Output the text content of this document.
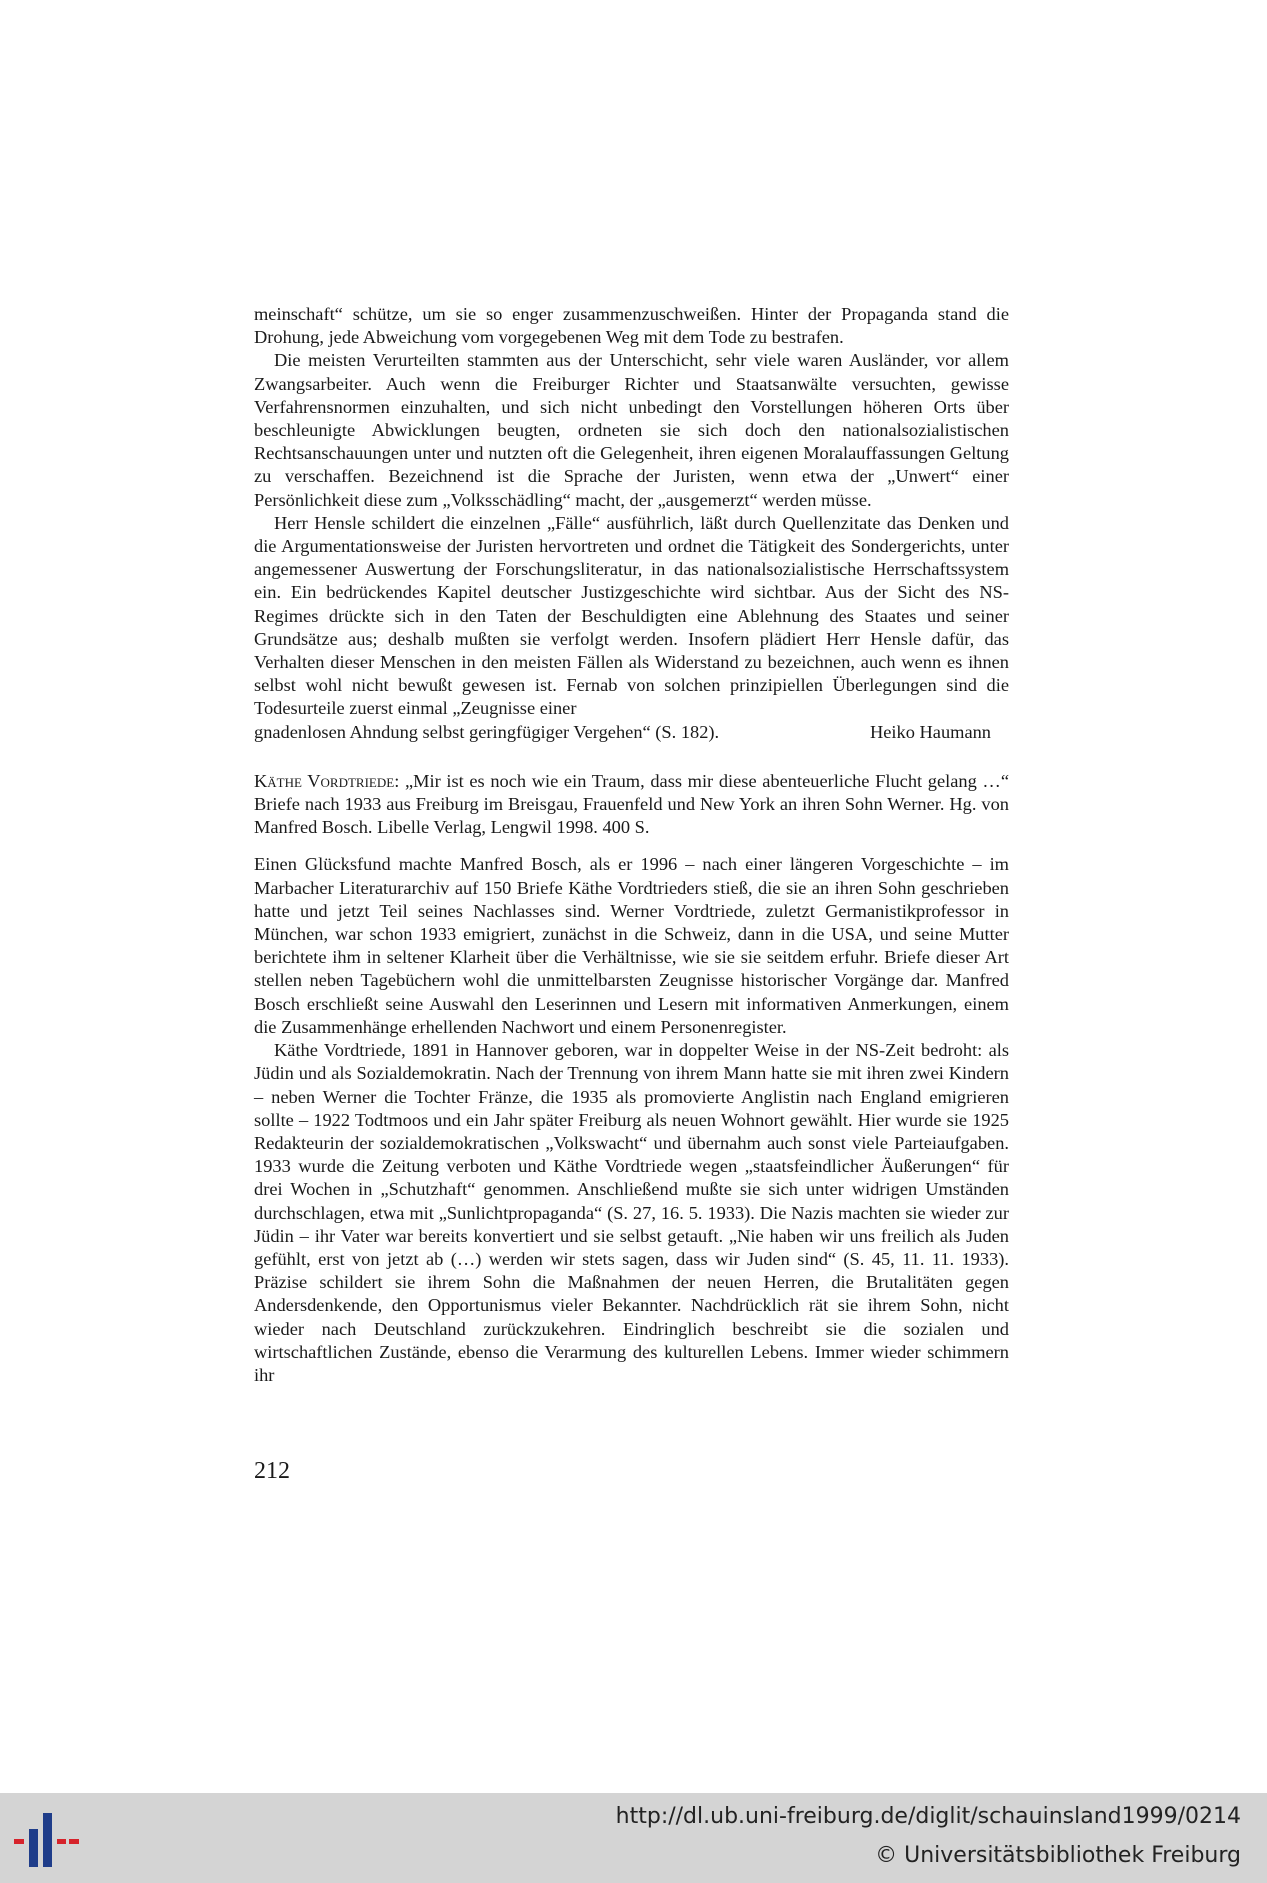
meinschaft“ schütze, um sie so enger zusammenzuschweißen. Hinter der Propaganda stand die Drohung, jede Abweichung vom vorgegebenen Weg mit dem Tode zu bestrafen.

Die meisten Verurteilten stammten aus der Unterschicht, sehr viele waren Ausländer, vor allem Zwangsarbeiter. Auch wenn die Freiburger Richter und Staatsanwälte versuchten, gewisse Verfahrensnormen einzuhalten, und sich nicht unbedingt den Vorstellungen höheren Orts über beschleunigte Abwicklungen beugten, ordneten sie sich doch den nationalsozialistischen Rechtsanschauungen unter und nutzten oft die Gelegenheit, ihren eigenen Moralauffassungen Geltung zu verschaffen. Bezeichnend ist die Sprache der Juristen, wenn etwa der „Unwert“ einer Persönlichkeit diese zum „Volksschädling“ macht, der „ausgemerzt“ werden müsse.

Herr Hensle schildert die einzelnen „Fälle“ ausführlich, läßt durch Quellenzitate das Denken und die Argumentationsweise der Juristen hervortreten und ordnet die Tätigkeit des Sondergerichts, unter angemessener Auswertung der Forschungsliteratur, in das nationalsozialistische Herrschaftssystem ein. Ein bedrückendes Kapitel deutscher Justizgeschichte wird sichtbar. Aus der Sicht des NS-Regimes drückte sich in den Taten der Beschuldigten eine Ablehnung des Staates und seiner Grundsätze aus; deshalb mußten sie verfolgt werden. Insofern plädiert Herr Hensle dafür, das Verhalten dieser Menschen in den meisten Fällen als Widerstand zu bezeichnen, auch wenn es ihnen selbst wohl nicht bewußt gewesen ist. Fernab von solchen prinzipiellen Überlegungen sind die Todesurteile zuerst einmal „Zeugnisse einer

gnadenlosen Ahndung selbst geringfügiger Vergehen“ (S. 182).	Heiko Haumann

Käthe Vordtriede: „Mir ist es noch wie ein Traum, dass mir diese abenteuerliche Flucht gelang …“ Briefe nach 1933 aus Freiburg im Breisgau, Frauenfeld und New York an ihren Sohn Werner. Hg. von Manfred Bosch. Libelle Verlag, Lengwil 1998. 400 S.

Einen Glücksfund machte Manfred Bosch, als er 1996 – nach einer längeren Vorgeschichte – im Marbacher Literaturarchiv auf 150 Briefe Käthe Vordtrieders stieß, die sie an ihren Sohn geschrieben hatte und jetzt Teil seines Nachlasses sind. Werner Vordtriede, zuletzt Germanistikprofessor in München, war schon 1933 emigriert, zunächst in die Schweiz, dann in die USA, und seine Mutter berichtete ihm in seltener Klarheit über die Verhältnisse, wie sie sie seitdem erfuhr. Briefe dieser Art stellen neben Tagebüchern wohl die unmittelbarsten Zeugnisse historischer Vorgänge dar. Manfred Bosch erschließt seine Auswahl den Leserinnen und Lesern mit informativen Anmerkungen, einem die Zusammenhänge erhellenden Nachwort und einem Personenregister.

Käthe Vordtriede, 1891 in Hannover geboren, war in doppelter Weise in der NS-Zeit bedroht: als Jüdin und als Sozialdemokratin. Nach der Trennung von ihrem Mann hatte sie mit ihren zwei Kindern – neben Werner die Tochter Fränze, die 1935 als promovierte Anglistin nach England emigrieren sollte – 1922 Todtmoos und ein Jahr später Freiburg als neuen Wohnort gewählt. Hier wurde sie 1925 Redakteurin der sozialdemokratischen „Volkswacht“ und übernahm auch sonst viele Parteiaufgaben. 1933 wurde die Zeitung verboten und Käthe Vordtriede wegen „staatsfeindlicher Äußerungen“ für drei Wochen in „Schutzhaft“ genommen. Anschließend mußte sie sich unter widrigen Umständen durchschlagen, etwa mit „Sunlichtpropaganda“ (S. 27, 16. 5. 1933). Die Nazis machten sie wieder zur Jüdin – ihr Vater war bereits konvertiert und sie selbst getauft. „Nie haben wir uns freilich als Juden gefühlt, erst von jetzt ab (…) werden wir stets sagen, dass wir Juden sind“ (S. 45, 11. 11. 1933). Präzise schildert sie ihrem Sohn die Maßnahmen der neuen Herren, die Brutalitäten gegen Andersdenkende, den Opportunismus vieler Bekannter. Nachdrücklich rät sie ihrem Sohn, nicht wieder nach Deutschland zurückzukehren. Eindringlich beschreibt sie die sozialen und wirtschaftlichen Zustände, ebenso die Verarmung des kulturellen Lebens. Immer wieder schimmern ihr

212
http://dl.ub.uni-freiburg.de/diglit/schauinsland1999/0214
© Universitätsbibliothek Freiburg
